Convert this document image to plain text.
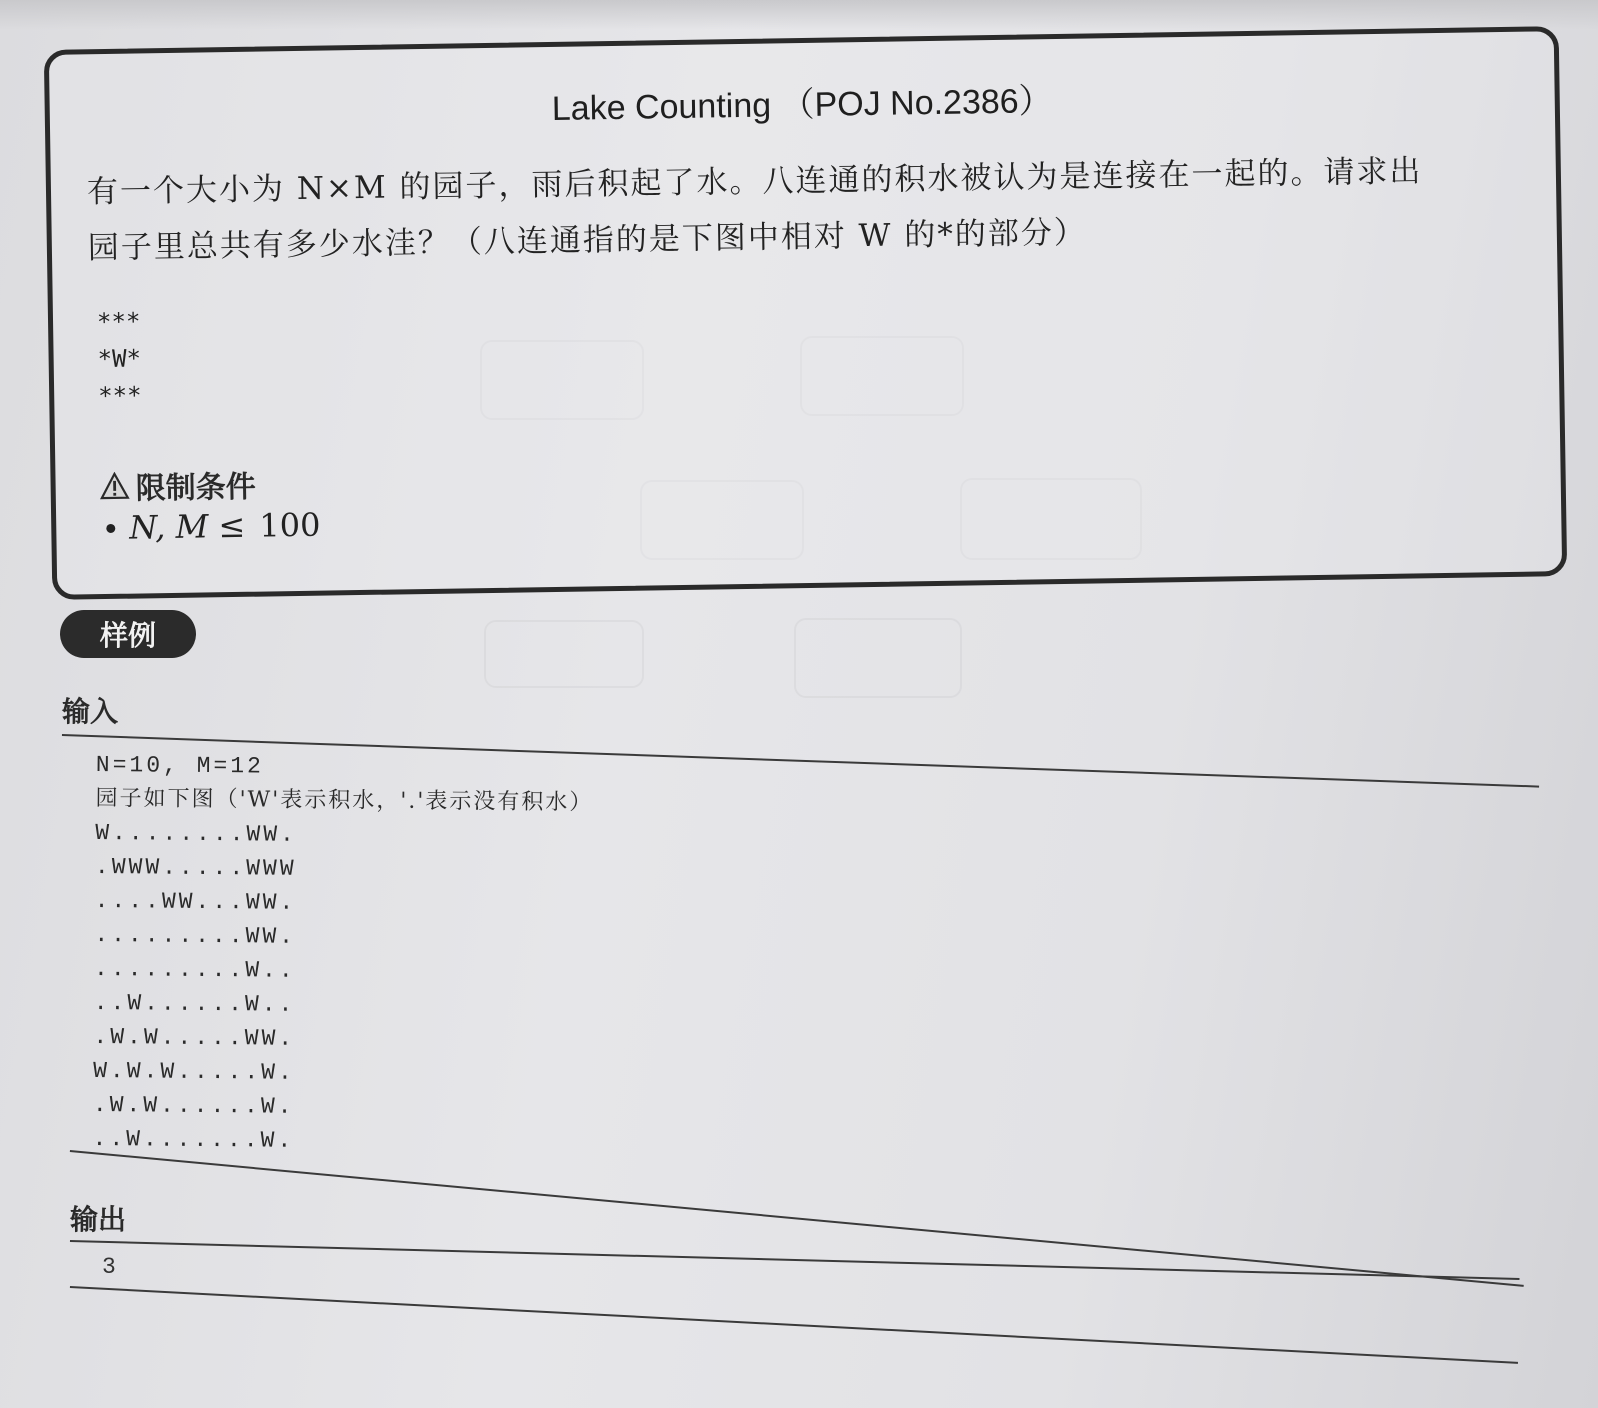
Lake Counting （POJ No.2386）
有一个大小为 N×M 的园子，雨后积起了水。八连通的积水被认为是连接在一起的。请求出
园子里总共有多少水洼？（八连通指的是下图中相对 W 的*的部分）
***
*W*
***
限制条件
N, M ≤ 100
样例
输入
N=10, M=12
园子如下图（'W'表示积水，'.'表示没有积水）
W........WW.
.WWW.....WWW
....WW...WW.
.........WW.
.........W..
..W......W..
.W.W.....WW.
W.W.W.....W.
.W.W......W.
..W.......W.
输出
3
